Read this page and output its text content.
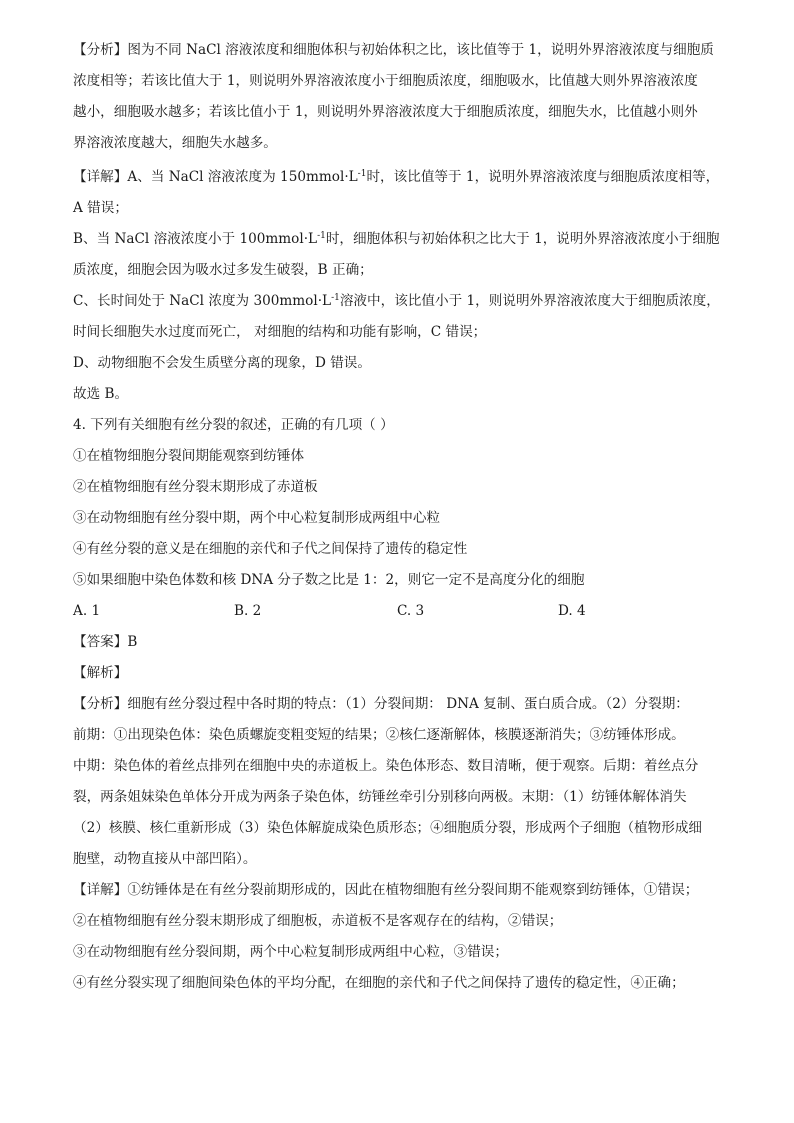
【分析】图为不同 NaCl 溶液浓度和细胞体积与初始体积之比，该比值等于 1，说明外界溶液浓度与细胞质
浓度相等；若该比值大于 1，则说明外界溶液浓度小于细胞质浓度，细胞吸水，比值越大则外界溶液浓度
越小，细胞吸水越多；若该比值小于 1，则说明外界溶液浓度大于细胞质浓度，细胞失水，比值越小则外
界溶液浓度越大，细胞失水越多。
【详解】A、当 NaCl 溶液浓度为 $150mmol\cdot L^{-1}$时，该比值等于 1，说明外界溶液浓度与细胞质浓度相等，
A 错误；
B、当 NaCl 溶液浓度小于 $100mmol\cdot L^{-1}$时，细胞体积与初始体积之比大于 1，说明外界溶液浓度小于细胞
质浓度，细胞会因为吸水过多发生破裂，B 正确；
C、长时间处于 NaCl 浓度为 $300mmol\cdot L^{-1}$溶液中，该比值小于 1，则说明外界溶液浓度大于细胞质浓度，
时间长细胞失水过度而死亡， 对细胞的结构和功能有影响，C 错误；
D、动物细胞不会发生质壁分离的现象，D 错误。
故选 B。
4. 下列有关细胞有丝分裂的叙述，正确的有几项（ ）
①在植物细胞分裂间期能观察到纺锤体
②在植物细胞有丝分裂末期形成了赤道板
③在动物细胞有丝分裂中期，两个中心粒复制形成两组中心粒
④有丝分裂的意义是在细胞的亲代和子代之间保持了遗传的稳定性
⑤如果细胞中染色体数和核 DNA 分子数之比是 1：2，则它一定不是高度分化的细胞
A. 1	B. 2	C. 3	D. 4
【答案】B
【解析】
【分析】细胞有丝分裂过程中各时期的特点：（1）分裂间期： DNA 复制、蛋白质合成。（2）分裂期：
前期：①出现染色体：染色质螺旋变粗变短的结果；②核仁逐渐解体，核膜逐渐消失；③纺锤体形成。
中期：染色体的着丝点排列在细胞中央的赤道板上。染色体形态、数目清晰，便于观察。后期：着丝点分
裂，两条姐妹染色单体分开成为两条子染色体，纺锤丝牵引分别移向两极。末期：（1）纺锤体解体消失
（2）核膜、核仁重新形成（3）染色体解旋成染色质形态；④细胞质分裂，形成两个子细胞（植物形成细
胞壁，动物直接从中部凹陷）。
【详解】①纺锤体是在有丝分裂前期形成的，因此在植物细胞有丝分裂间期不能观察到纺锤体，①错误；
②在植物细胞有丝分裂末期形成了细胞板，赤道板不是客观存在的结构，②错误；
③在动物细胞有丝分裂间期，两个中心粒复制形成两组中心粒，③错误；
④有丝分裂实现了细胞间染色体的平均分配，在细胞的亲代和子代之间保持了遗传的稳定性，④正确；
